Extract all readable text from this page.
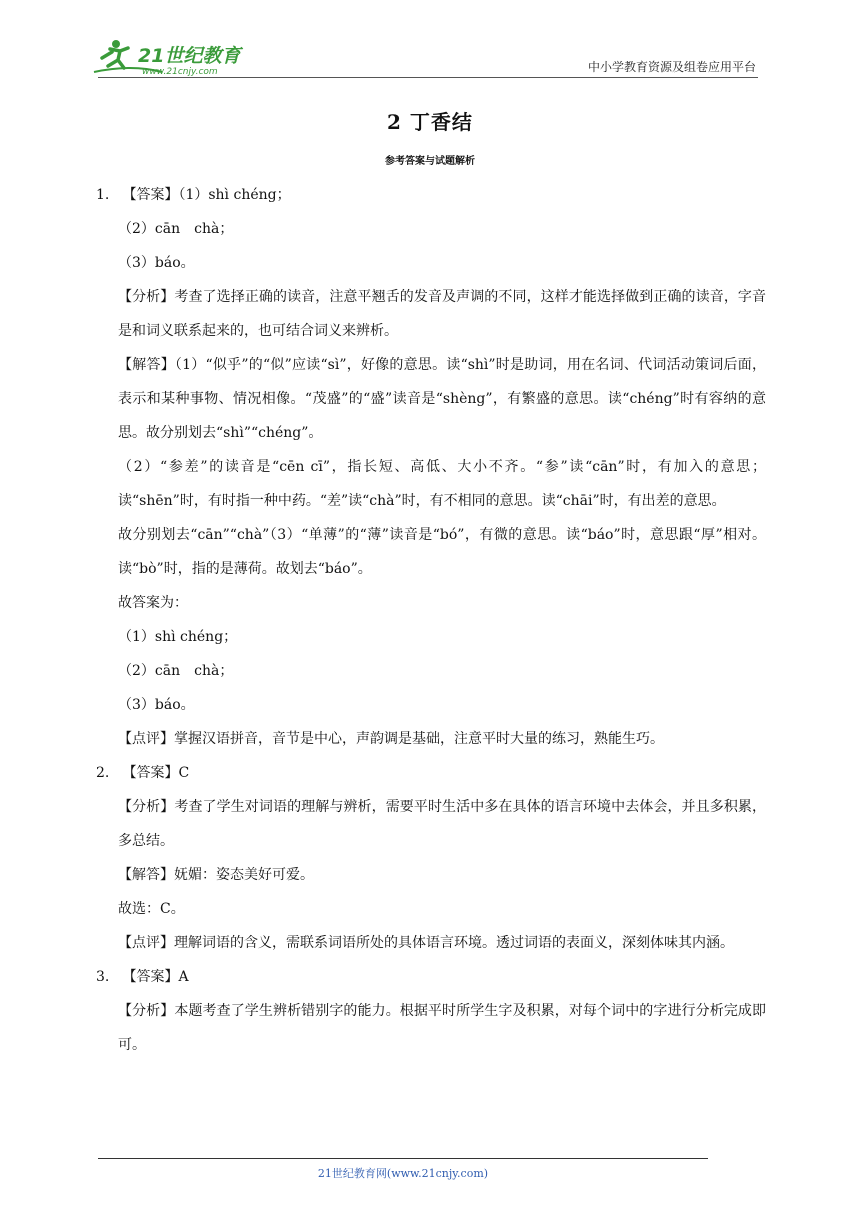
21世纪教育
www.21cnjy.com	中小学教育资源及组卷应用平台
2 丁香结
参考答案与试题解析
1. 【答案】（1）shì chéng；
（2）cān　chà；
（3）báo。
【分析】考查了选择正确的读音，注意平翘舌的发音及声调的不同，这样才能选择做到正确的读音，字音是和词义联系起来的，也可结合词义来辨析。
【解答】（1）“似乎”的“似”应读“sì”，好像的意思。读“shì”时是助词，用在名词、代词活动策词后面，表示和某种事物、情况相像。“茂盛”的“盛”读音是“shèng”，有繁盛的意思。读“chéng”时有容纳的意思。故分别划去“shì”“chéng”。
（2）“参差”的读音是“cēn cī”，指长短、高低、大小不齐。“参”读“cān”时，有加入的意思；读“shēn”时，有时指一种中药。“差”读“chà”时，有不相同的意思。读“chāi”时，有出差的意思。
故分别划去“cān”“chà”（3）“单薄”的“薄”读音是“bó”，有微的意思。读“báo”时，意思跟“厚”相对。读“bò”时，指的是薄荷。故划去“báo”。
故答案为：
（1）shì chéng；
（2）cān　chà；
（3）báo。
【点评】掌握汉语拼音，音节是中心，声韵调是基础，注意平时大量的练习，熟能生巧。
2. 【答案】C
【分析】考查了学生对词语的理解与辨析，需要平时生活中多在具体的语言环境中去体会，并且多积累，多总结。
【解答】妩媚：姿态美好可爱。
故选：C。
【点评】理解词语的含义，需联系词语所处的具体语言环境。透过词语的表面义，深刻体味其内涵。
3. 【答案】A
【分析】本题考查了学生辨析错别字的能力。根据平时所学生字及积累，对每个词中的字进行分析完成即可。
21世纪教育网(www.21cnjy.com)
